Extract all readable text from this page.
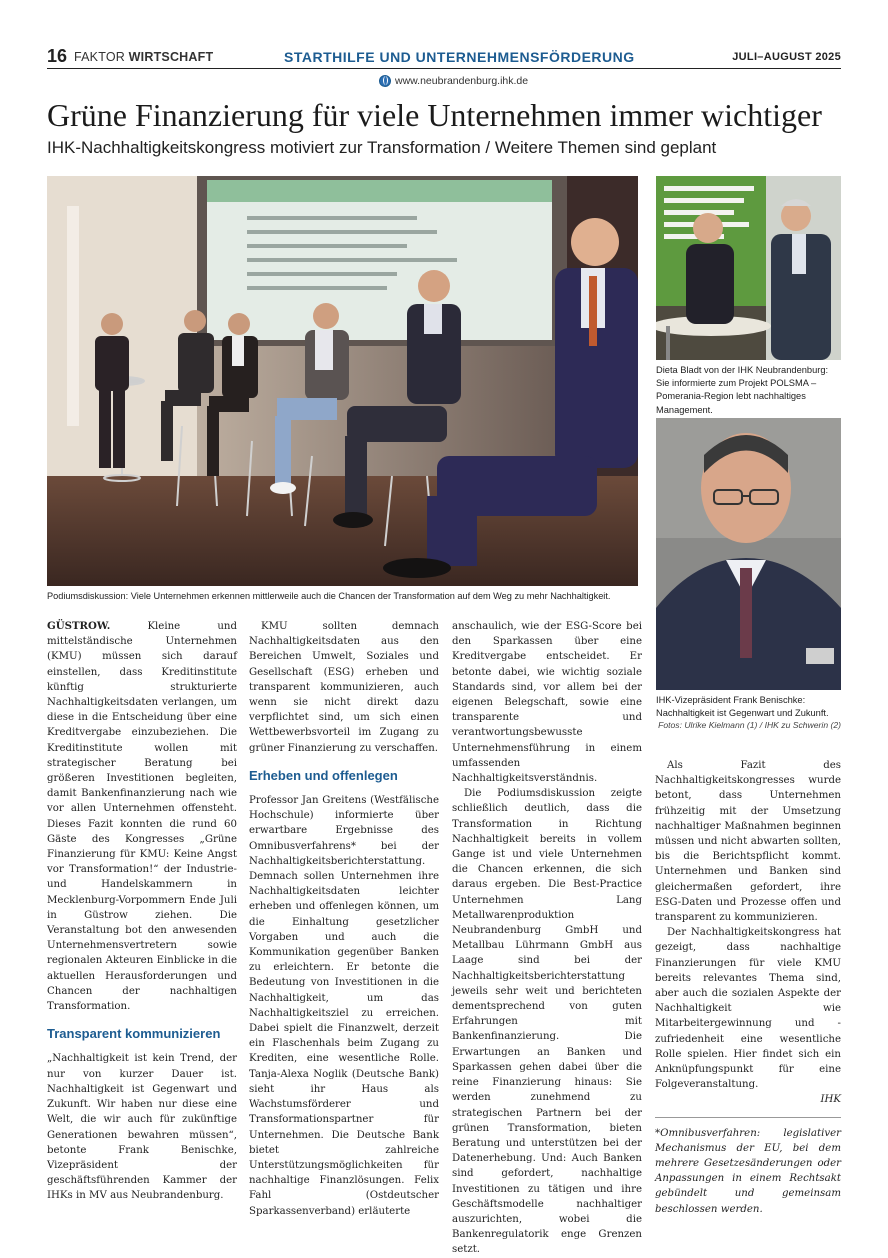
16 FAKTOR WIRTSCHAFT	STARTHILFE UND UNTERNEHMENSFÖRDERUNG	JULI–AUGUST 2025
www.neubrandenburg.ihk.de
Grüne Finanzierung für viele Unternehmen immer wichtiger
IHK-Nachhaltigkeitskongress motiviert zur Transformation / Weitere Themen sind geplant
Podiumsdiskussion: Viele Unternehmen erkennen mittlerweile auch die Chancen der Transformation auf dem Weg zu mehr Nachhaltigkeit.
Dieta Bladt von der IHK Neubrandenburg: Sie informierte zum Projekt POLSMA – Pomerania-Region lebt nachhaltiges Management.
IHK-Vizepräsident Frank Benischke: Nachhaltigkeit ist Gegenwart und Zukunft.
Fotos: Ulrike Kielmann (1) / IHK zu Schwerin (2)

GÜSTROW.	Kleine und mittelständische Unternehmen (KMU) müssen sich darauf einstellen, dass Kreditinstitute künftig strukturierte Nachhaltigkeitsdaten verlangen, um diese in die Entscheidung über eine Kreditvergabe einzubeziehen. Die Kreditinstitute wollen mit strategischer Beratung bei größeren Investitionen begleiten, damit Bankenfinanzierung nach wie vor allen Unternehmen offensteht. Dieses Fazit konnten die rund 60 Gäste des Kongresses „Grüne Finanzierung für KMU: Keine Angst vor Transformation!“ der Industrie- und Handelskammern in Mecklenburg-Vorpommern Ende Juli in Güstrow ziehen. Die Veranstaltung bot den anwesenden Unternehmensvertretern sowie regionalen Akteuren Einblicke in die aktuellen Herausforderungen und Chancen der nachhaltigen Transformation.

Transparent kommunizieren

„Nachhaltigkeit ist kein Trend, der nur von kurzer Dauer ist. Nachhaltigkeit ist Gegenwart und Zukunft. Wir haben nur diese eine Welt, die wir auch für zukünftige Generationen bewahren müssen“, betonte Frank Benischke, Vizepräsident der geschäftsführenden Kammer der IHKs in MV aus Neubrandenburg.

KMU sollten demnach Nachhaltigkeitsdaten aus den Bereichen Umwelt, Soziales und Gesellschaft (ESG) erheben und transparent kommunizieren, auch wenn sie nicht direkt dazu verpflichtet sind, um sich einen Wettbewerbsvorteil im Zugang zu grüner Finanzierung zu verschaffen.

Erheben und offenlegen

Professor Jan Greitens (Westfälische Hochschule) informierte über erwartbare Ergebnisse des Omnibusverfahrens* bei der Nachhaltigkeitsberichterstattung. Demnach sollen Unternehmen ihre Nachhaltigkeitsdaten leichter erheben und offenlegen können, um die Einhaltung gesetzlicher Vorgaben und auch die Kommunikation gegenüber Banken zu erleichtern. Er betonte die Bedeutung von Investitionen in die Nachhaltigkeit, um das Nachhaltigkeitsziel zu erreichen. Dabei spielt die Finanzwelt, derzeit ein Flaschenhals beim Zugang zu Krediten, eine wesentliche Rolle. Tanja-Alexa Noglik (Deutsche Bank) sieht ihr Haus als Wachstumsförderer und Transformationspartner für Unternehmen. Die Deutsche Bank bietet zahlreiche Unterstützungsmöglichkeiten für nachhaltige Finanzlösungen. Felix Fahl (Ostdeutscher Sparkassenverband) erläuterte

anschaulich, wie der ESG-Score bei den Sparkassen über eine Kreditvergabe entscheidet. Er betonte dabei, wie wichtig soziale Standards sind, vor allem bei der eigenen Belegschaft, sowie eine transparente und verantwortungsbewusste Unternehmensführung in einem umfassenden Nachhaltigkeitsverständnis.

Die Podiumsdiskussion zeigte schließlich deutlich, dass die Transformation in Richtung Nachhaltigkeit bereits in vollem Gange ist und viele Unternehmen die Chancen erkennen, die sich daraus ergeben. Die Best-Practice Unternehmen Lang Metallwarenproduktion Neubrandenburg GmbH und Metallbau Lührmann GmbH aus Laage sind bei der Nachhaltigkeitsberichterstattung jeweils sehr weit und berichteten dementsprechend von guten Erfahrungen mit Bankenfinanzierung. Die Erwartungen an Banken und Sparkassen gehen dabei über die reine Finanzierung hinaus: Sie werden zunehmend zu strategischen Partnern bei der grünen Transformation, bieten Beratung und unterstützen bei der Datenerhebung. Und: Auch Banken sind gefordert, nachhaltige Investitionen zu tätigen und ihre Geschäftsmodelle nachhaltiger auszurichten, wobei die Bankenregulatorik enge Grenzen setzt.

Als Fazit des Nachhaltigkeitskongresses wurde betont, dass Unternehmen frühzeitig mit der Umsetzung nachhaltiger Maßnahmen beginnen müssen und nicht abwarten sollten, bis die Berichtspflicht kommt. Unternehmen und Banken sind gleichermaßen gefordert, ihre ESG-Daten und Prozesse offen und transparent zu kommunizieren.

Der Nachhaltigkeitskongress hat gezeigt, dass nachhaltige Finanzierungen für viele KMU bereits relevantes Thema sind, aber auch die sozialen Aspekte der Nachhaltigkeit wie Mitarbeitergewinnung und -zufriedenheit eine wesentliche Rolle spielen. Hier findet sich ein Anknüpfungspunkt für eine Folgeveranstaltung.

IHK

*Omnibusverfahren: legislativer Mechanismus der EU, bei dem mehrere Gesetzesänderungen oder Anpassungen in einem Rechtsakt gebündelt und gemeinsam beschlossen werden.
